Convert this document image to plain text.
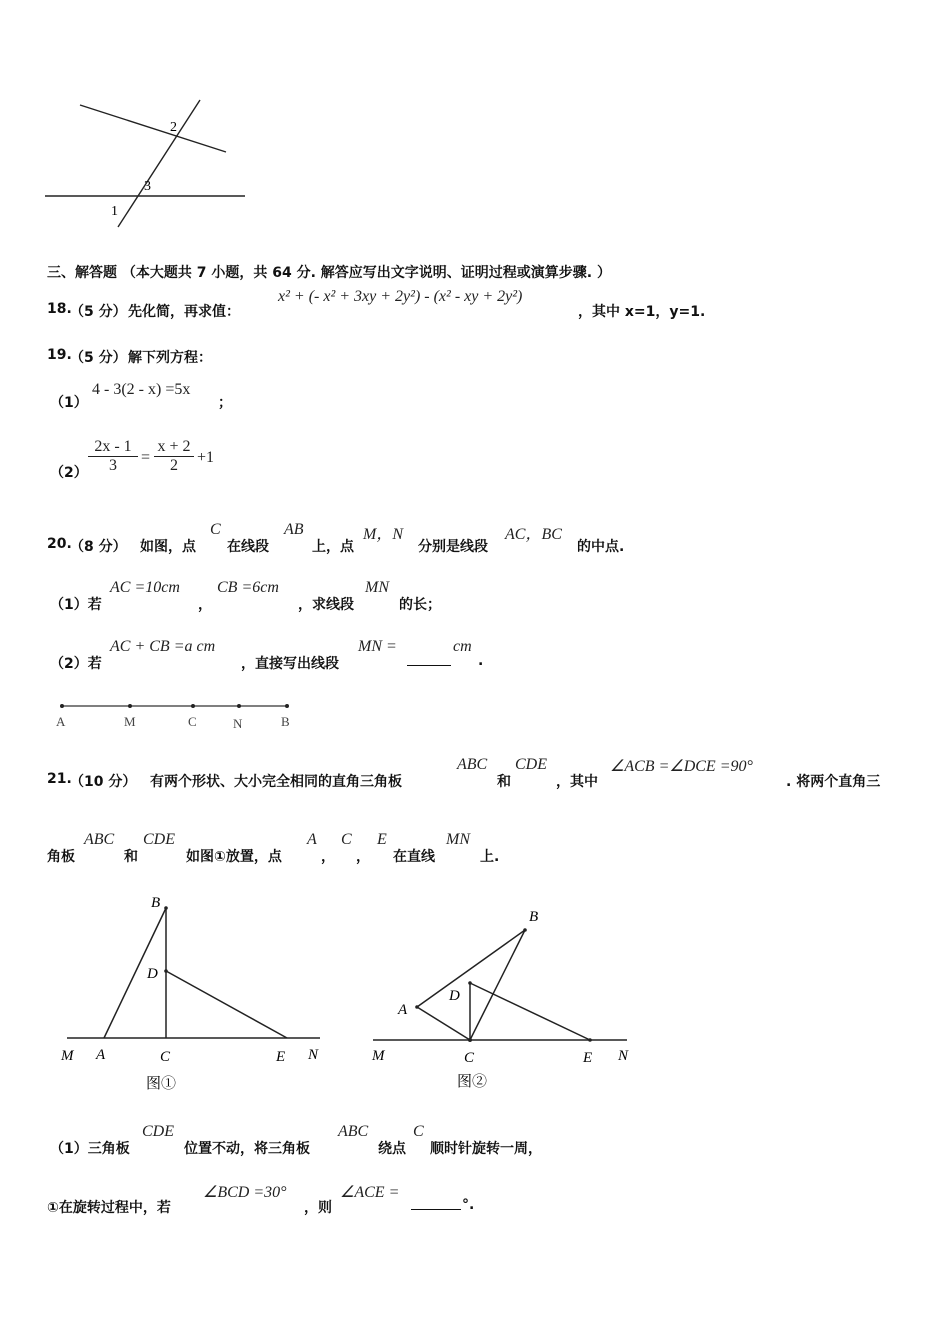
2
3
1
三、解答题 （本大题共 7 小题，共 64 分. 解答应写出文字说明、证明过程或演算步骤. ）
18.
（5 分） 先化简，再求值：
x² + (- x² + 3xy + 2y²) - (x² - xy + 2y²)
，其中 x=1，y=1.
19.
（5 分） 解下列方程：
（1）
4 - 3(2 - x) =5x
；
$(2) \frac{2x - 1}{3} = \frac{x + 2}{2} +1$
20.
（8 分） 如图，点
C
在线段
AB
上，点
M，N
分别是线段
AC，BC
的中点.
（1）若
AC =10cm
，
CB =6cm
，求线段
MN
的长；
（2）若
AC + CB =a cm
，直接写出线段
MN =	cm
.
A	M	C	N	B
21.
（10 分） 有两个形状、大小完全相同的直角三角板
ABC
和
CDE
，其中
∠ACB =∠DCE =90°
. 将两个直角三
角板
ABC
和
CDE
如图①放置，点
A
，
C
，
E
在直线
MN
上.
B
D
M A	C	E N
图①
B
A
D
M	C	E N
图②
（1）三角板
CDE
位置不动，将三角板
ABC
绕点
C
顺时针旋转一周，
①在旋转过程中，若
∠BCD =30°
，则
∠ACE =
°.
